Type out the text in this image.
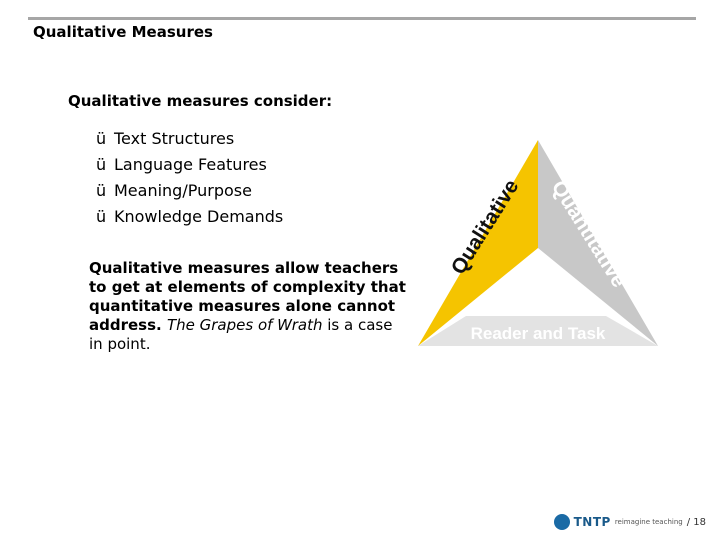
Qualitative Measures
Qualitative measures consider:
ü Text Structures
ü Language Features
ü Meaning/Purpose
ü Knowledge Demands
Qualitative measures allow teachers to get at elements of complexity that quantitative measures alone cannot address. The Grapes of Wrath is a case in point.
Qualitative Quantitative
Reader and Task
TNTP reimagine teaching / 18
